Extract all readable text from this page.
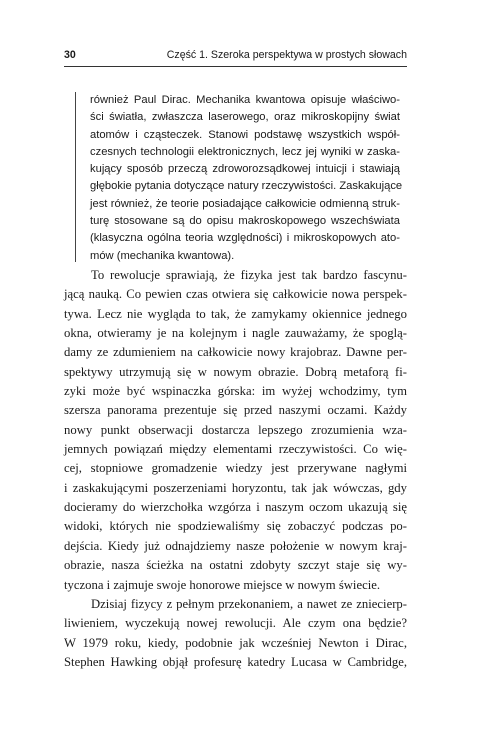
30	Część 1. Szeroka perspektywa w prostych słowach
również Paul Dirac. Mechanika kwantowa opisuje właściwo-
ści światła, zwłaszcza laserowego, oraz mikroskopijny świat
atomów i cząsteczek. Stanowi podstawę wszystkich współ-
czesnych technologii elektronicznych, lecz jej wyniki w zaska-
kujący sposób przeczą zdroworozsądkowej intuicji i stawiają
głębokie pytania dotyczące natury rzeczywistości. Zaskakujące
jest również, że teorie posiadające całkowicie odmienną struk-
turę stosowane są do opisu makroskopowego wszechświata
(klasyczna ogólna teoria względności) i mikroskopowych ato-
mów (mechanika kwantowa).
To rewolucje sprawiają, że fizyka jest tak bardzo fascynu-
jącą nauką. Co pewien czas otwiera się całkowicie nowa perspek-
tywa. Lecz nie wygląda to tak, że zamykamy okiennice jednego
okna, otwieramy je na kolejnym i nagle zauważamy, że spoglą-
damy ze zdumieniem na całkowicie nowy krajobraz. Dawne per-
spektywy utrzymują się w nowym obrazie. Dobrą metaforą fi-
zyki może być wspinaczka górska: im wyżej wchodzimy, tym
szersza panorama prezentuje się przed naszymi oczami. Każdy
nowy punkt obserwacji dostarcza lepszego zrozumienia wza-
jemnych powiązań między elementami rzeczywistości. Co wię-
cej, stopniowe gromadzenie wiedzy jest przerywane nagłymi
i zaskakującymi poszerzeniami horyzontu, tak jak wówczas, gdy
docieramy do wierzchołka wzgórza i naszym oczom ukazują się
widoki, których nie spodziewaliśmy się zobaczyć podczas po-
dejścia. Kiedy już odnajdziemy nasze położenie w nowym kraj-
obrazie, nasza ścieżka na ostatni zdobyty szczyt staje się wy-
tyczona i zajmuje swoje honorowe miejsce w nowym świecie.
Dzisiaj fizycy z pełnym przekonaniem, a nawet ze zniecierp-
liwieniem, wyczekują nowej rewolucji. Ale czym ona będzie?
W 1979 roku, kiedy, podobnie jak wcześniej Newton i Dirac,
Stephen Hawking objął profesurę katedry Lucasa w Cambridge,
